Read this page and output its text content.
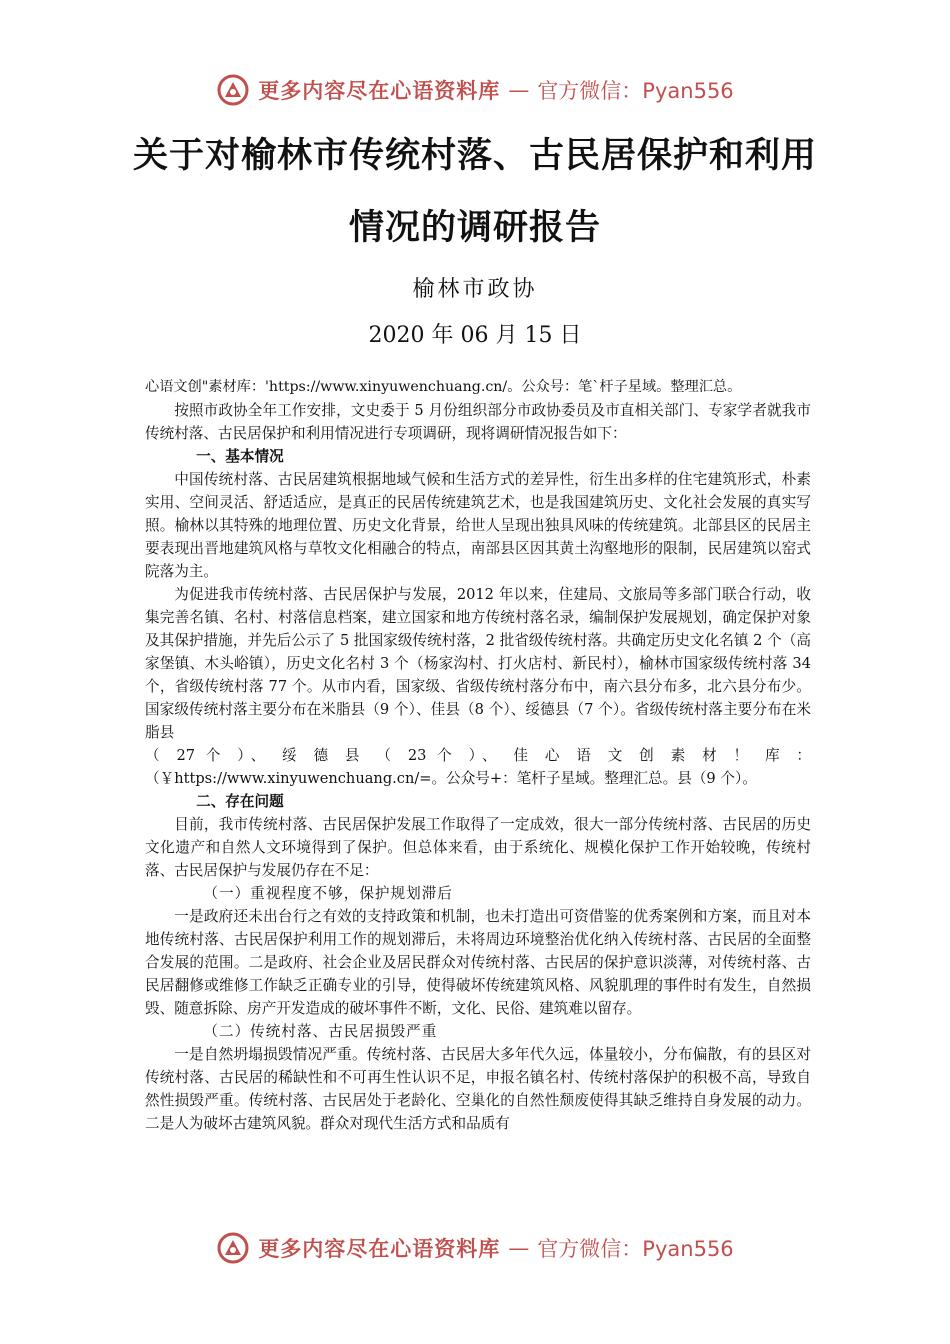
更多内容尽在心语资料库 — 官方微信：Pyan556
关于对榆林市传统村落、古民居保护和利用
情况的调研报告
榆林市政协
2020 年 06 月 15 日

心语文创"素材库：'https://www.xinyuwenchuang.cn/。公众号：笔`杆子星域。整理汇总。

按照市政协全年工作安排，文史委于 5 月份组织部分市政协委员及市直相关部门、专家学者就我市传统村落、古民居保护和利用情况进行专项调研，现将调研情况报告如下：

一、基本情况

中国传统村落、古民居建筑根据地域气候和生活方式的差异性，衍生出多样的住宅建筑形式，朴素实用、空间灵活、舒适适应，是真正的民居传统建筑艺术，也是我国建筑历史、文化社会发展的真实写照。榆林以其特殊的地理位置、历史文化背景，给世人呈现出独具风味的传统建筑。北部县区的民居主要表现出晋地建筑风格与草牧文化相融合的特点，南部县区因其黄土沟壑地形的限制，民居建筑以窑式院落为主。

为促进我市传统村落、古民居保护与发展，2012 年以来，住建局、文旅局等多部门联合行动，收集完善名镇、名村、村落信息档案，建立国家和地方传统村落名录，编制保护发展规划，确定保护对象及其保护措施，并先后公示了 5 批国家级传统村落，2 批省级传统村落。共确定历史文化名镇 2 个（高家堡镇、木头峪镇），历史文化名村 3 个（杨家沟村、打火店村、新民村），榆林市国家级传统村落 34 个，省级传统村落 77 个。从市内看，国家级、省级传统村落分布中，南六县分布多，北六县分布少。国家级传统村落主要分布在米脂县（9 个）、佳县（8 个）、绥德县（7 个）。省级传统村落主要分布在米脂县

（ 27 个 ）、 绥 德 县 （ 23 个 ）、 佳 心 语 文 创 素 材 ！ 库 ：

（￥https://www.xinyuwenchuang.cn/=。公众号+：笔杆子星域。整理汇总。县（9 个）。

二、存在问题

目前，我市传统村落、古民居保护发展工作取得了一定成效，很大一部分传统村落、古民居的历史文化遗产和自然人文环境得到了保护。但总体来看，由于系统化、规模化保护工作开始较晚，传统村落、古民居保护与发展仍存在不足：

（一）重视程度不够，保护规划滞后

一是政府还未出台行之有效的支持政策和机制，也未打造出可资借鉴的优秀案例和方案，而且对本地传统村落、古民居保护利用工作的规划滞后，未将周边环境整治优化纳入传统村落、古民居的全面整合发展的范围。二是政府、社会企业及居民群众对传统村落、古民居的保护意识淡薄，对传统村落、古民居翻修或维修工作缺乏正确专业的引导，使得破坏传统建筑风格、风貌肌理的事件时有发生，自然损毁、随意拆除、房产开发造成的破坏事件不断，文化、民俗、建筑难以留存。

（二）传统村落、古民居损毁严重

一是自然坍塌损毁情况严重。传统村落、古民居大多年代久远，体量较小，分布偏散，有的县区对传统村落、古民居的稀缺性和不可再生性认识不足，申报名镇名村、传统村落保护的积极不高，导致自然性损毁严重。传统村落、古民居处于老龄化、空巢化的自然性颓废使得其缺乏维持自身发展的动力。二是人为破坏古建筑风貌。群众对现代生活方式和品质有

更多内容尽在心语资料库 — 官方微信：Pyan556
